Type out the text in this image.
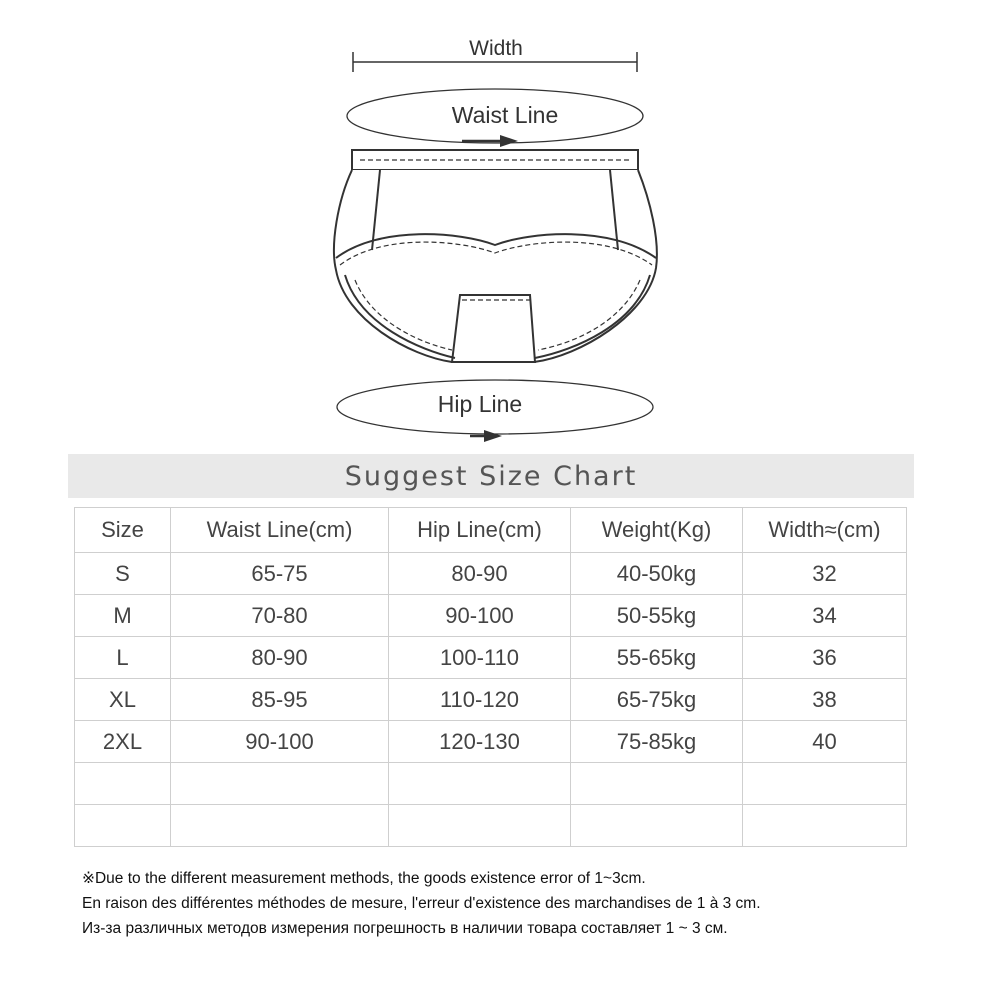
Width
Waist Line
Hip Line
Suggest Size Chart
Size	Waist Line(cm)	Hip Line(cm)	Weight(Kg)	Width≈(cm)
S	65-75	80-90	40-50kg	32
M	70-80	90-100	50-55kg	34
L	80-90	100-110	55-65kg	36
XL	85-95	110-120	65-75kg	38
2XL	90-100	120-130	75-85kg	40

※Due to the different measurement methods, the goods existence error of 1~3cm.

En raison des différentes méthodes de mesure, l'erreur d'existence des marchandises de 1 à 3 cm.

Из-за различных методов измерения погрешность в наличии товара составляет 1 ~ 3 см.
